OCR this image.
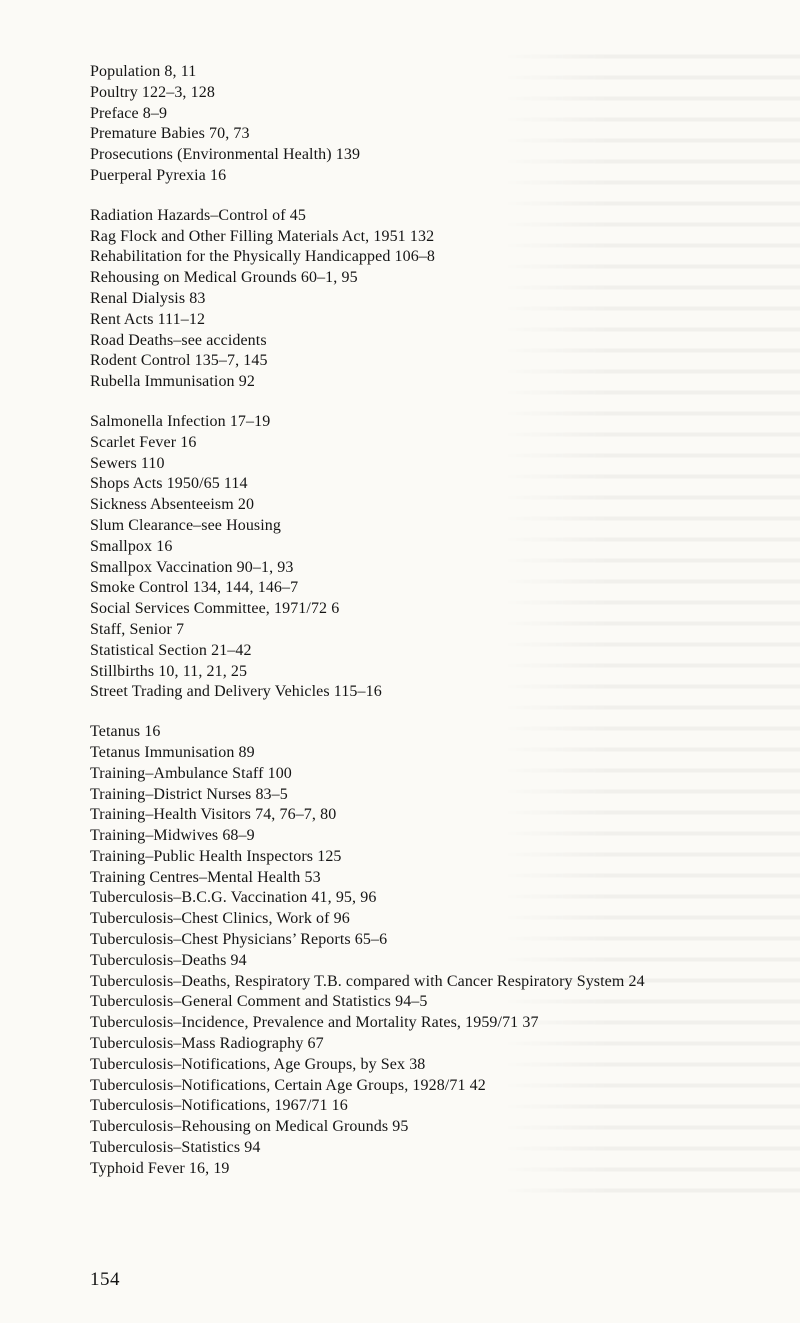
Population 8, 11
Poultry 122–3, 128
Preface 8–9
Premature Babies 70, 73
Prosecutions (Environmental Health) 139
Puerperal Pyrexia 16
Radiation Hazards–Control of 45
Rag Flock and Other Filling Materials Act, 1951 132
Rehabilitation for the Physically Handicapped 106–8
Rehousing on Medical Grounds 60–1, 95
Renal Dialysis 83
Rent Acts 111–12
Road Deaths–see accidents
Rodent Control 135–7, 145
Rubella Immunisation 92
Salmonella Infection 17–19
Scarlet Fever 16
Sewers 110
Shops Acts 1950/65 114
Sickness Absenteeism 20
Slum Clearance–see Housing
Smallpox 16
Smallpox Vaccination 90–1, 93
Smoke Control 134, 144, 146–7
Social Services Committee, 1971/72 6
Staff, Senior 7
Statistical Section 21–42
Stillbirths 10, 11, 21, 25
Street Trading and Delivery Vehicles 115–16
Tetanus 16
Tetanus Immunisation 89
Training–Ambulance Staff 100
Training–District Nurses 83–5
Training–Health Visitors 74, 76–7, 80
Training–Midwives 68–9
Training–Public Health Inspectors 125
Training Centres–Mental Health 53
Tuberculosis–B.C.G. Vaccination 41, 95, 96
Tuberculosis–Chest Clinics, Work of 96
Tuberculosis–Chest Physicians’ Reports 65–6
Tuberculosis–Deaths 94
Tuberculosis–Deaths, Respiratory T.B. compared with Cancer Respiratory System 24
Tuberculosis–General Comment and Statistics 94–5
Tuberculosis–Incidence, Prevalence and Mortality Rates, 1959/71 37
Tuberculosis–Mass Radiography 67
Tuberculosis–Notifications, Age Groups, by Sex 38
Tuberculosis–Notifications, Certain Age Groups, 1928/71 42
Tuberculosis–Notifications, 1967/71 16
Tuberculosis–Rehousing on Medical Grounds 95
Tuberculosis–Statistics 94
Typhoid Fever 16, 19
154
